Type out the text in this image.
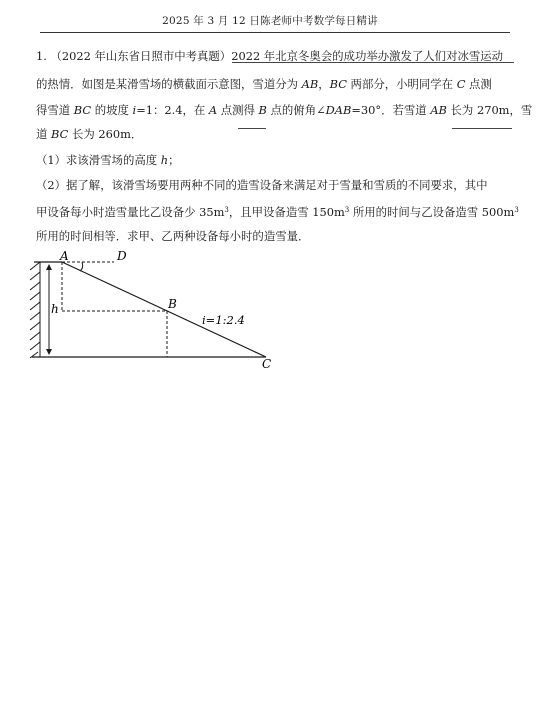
2025 年 3 月 12 日陈老师中考数学每日精讲
1. （2022 年山东省日照市中考真题）2022 年北京冬奥会的成功举办激发了人们对冰雪运动
的热情．如图是某滑雪场的横截面示意图，雪道分为 AB，BC 两部分，小明同学在 C 点测
得雪道 BC 的坡度 i=1：2.4，在 A 点测得 B 点的俯角∠DAB=30°．若雪道 AB 长为 270m，雪
道 BC 长为 260m．
（1）求该滑雪场的高度 h；
（2）据了解，该滑雪场要用两种不同的造雪设备来满足对于雪量和雪质的不同要求，其中
甲设备每小时造雪量比乙设备少 $35m^3$，且甲设备造雪 $150m^3$ 所用的时间与乙设备造雪 $500m^3$
所用的时间相等．求甲、乙两种设备每小时的造雪量．
A	D
B
C
h
i=1:2.4
